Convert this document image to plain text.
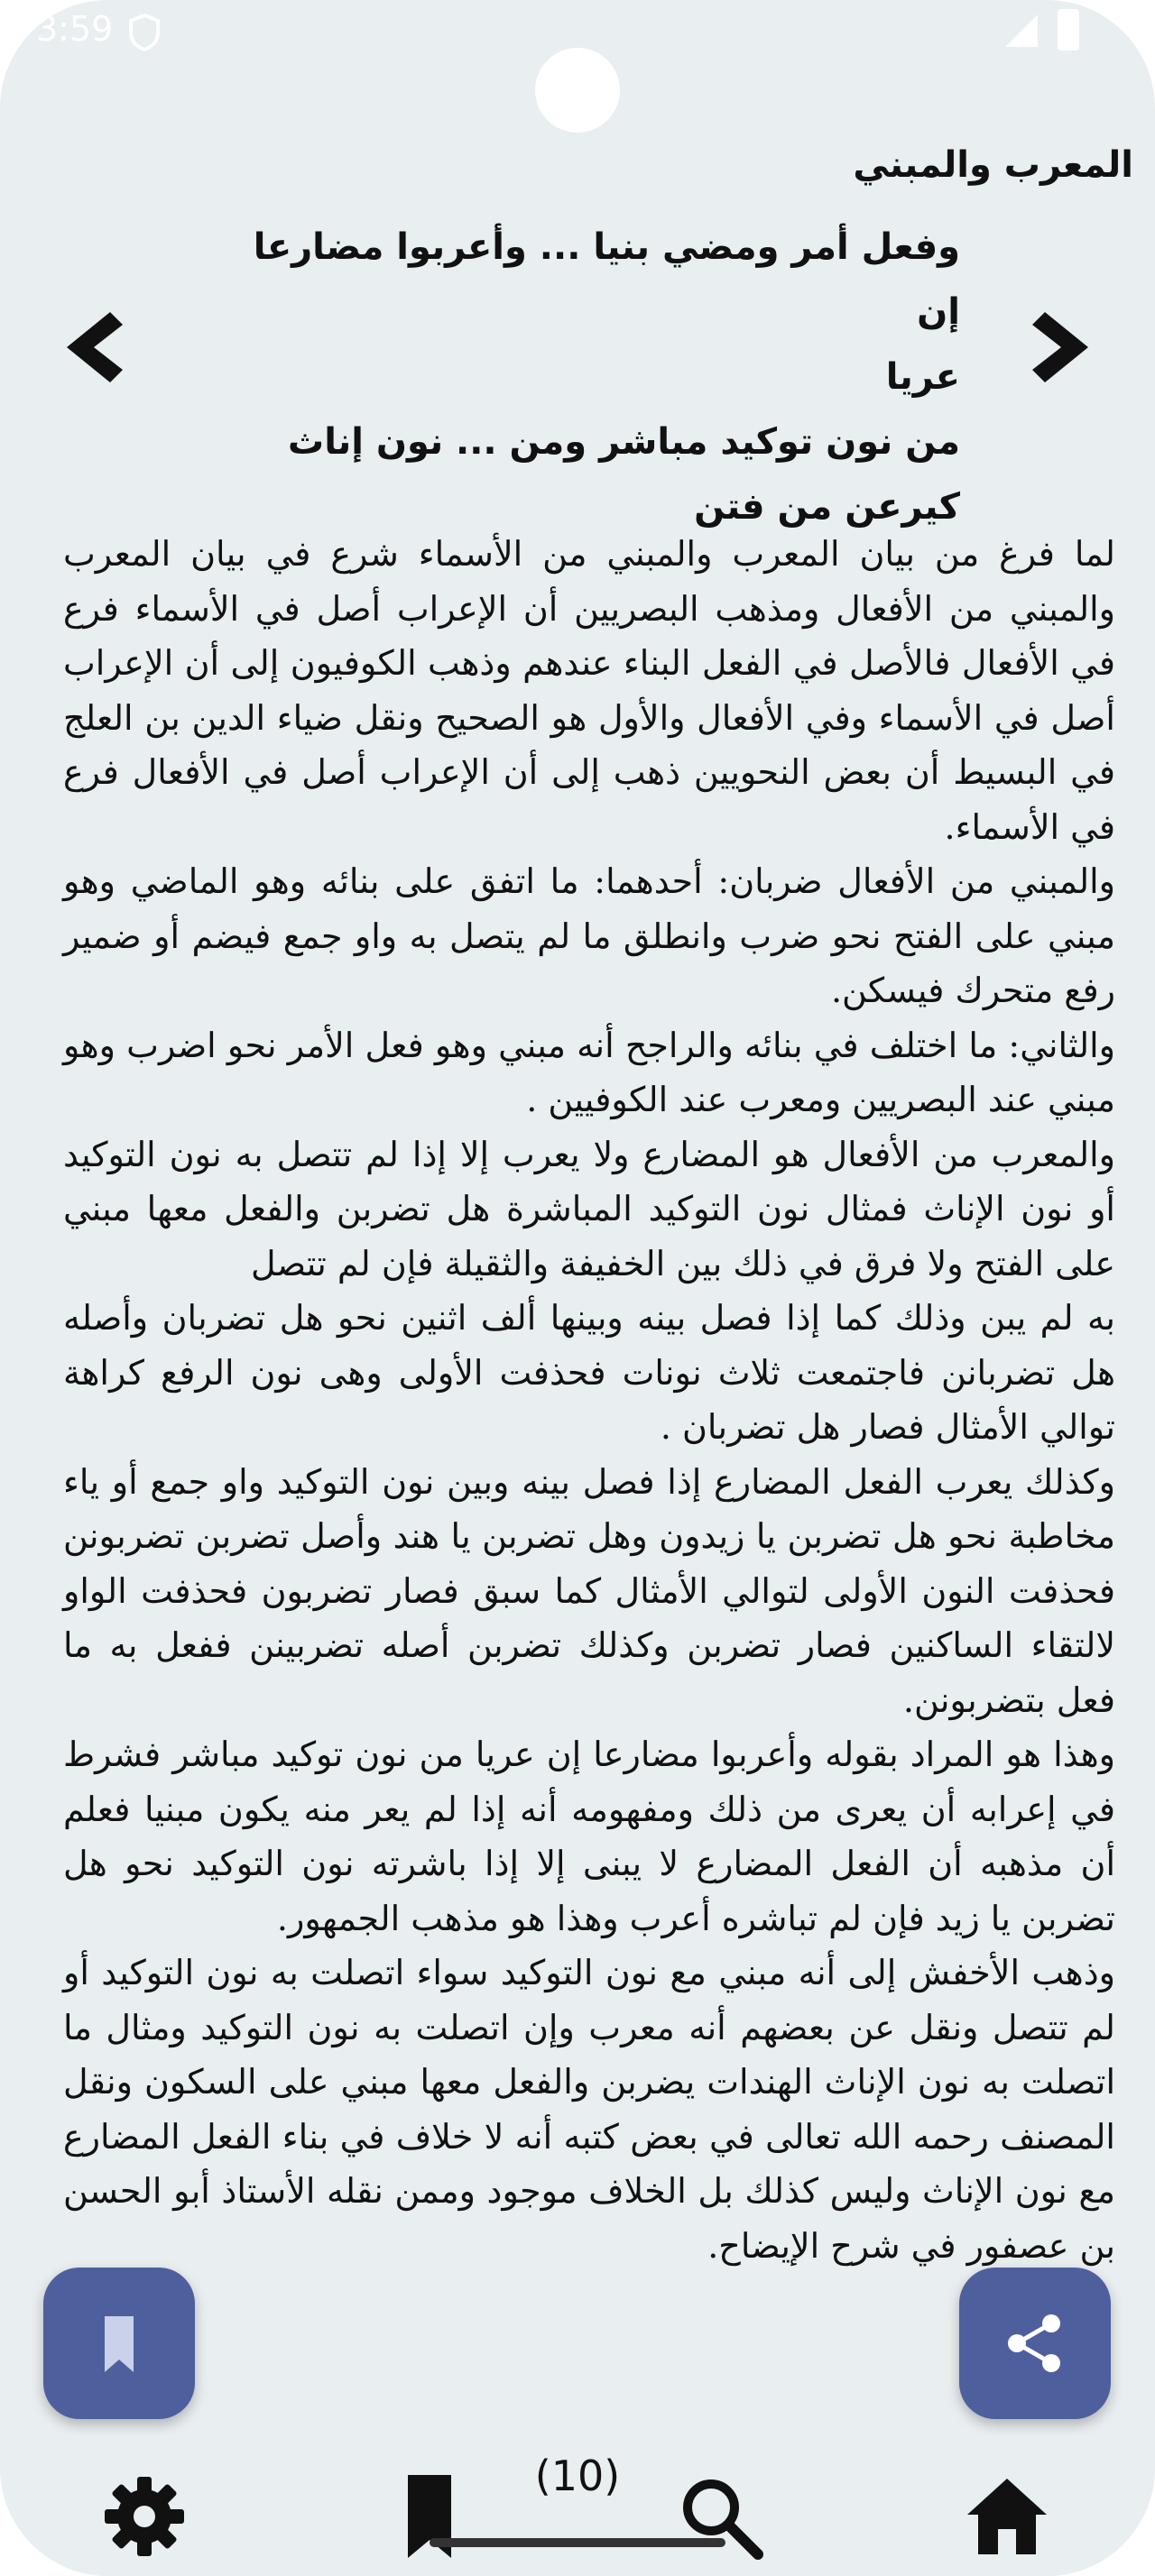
3:59
المعرب والمبني
وفعل أمر ومضي بنيا ... وأعربوا مضارعا إن
عريا
من نون توكيد مباشر ومن ... نون إناث
كيرعن من فتن

لما فرغ من بيان المعرب والمبني من الأسماء شرع في بيان المعرب والمبني من الأفعال ومذهب البصريين أن الإعراب أصل في الأسماء فرع في الأفعال فالأصل في الفعل البناء عندهم وذهب الكوفيون إلى أن الإعراب أصل في الأسماء وفي الأفعال والأول هو الصحيح ونقل ضياء الدين بن العلج في البسيط أن بعض النحويين ذهب إلى أن الإعراب أصل في الأفعال فرع في الأسماء.

والمبني من الأفعال ضربان: أحدهما: ما اتفق على بنائه وهو الماضي وهو مبني على الفتح نحو ضرب وانطلق ما لم يتصل به واو جمع فيضم أو ضمير رفع متحرك فيسكن.

والثاني: ما اختلف في بنائه والراجح أنه مبني وهو فعل الأمر نحو اضرب وهو مبني عند البصريين ومعرب عند الكوفيين .

والمعرب من الأفعال هو المضارع ولا يعرب إلا إذا لم تتصل به نون التوكيد أو نون الإناث فمثال نون التوكيد المباشرة هل تضربن والفعل معها مبني على الفتح ولا فرق في ذلك بين الخفيفة والثقيلة فإن لم تتصل

به لم يبن وذلك كما إذا فصل بينه وبينها ألف اثنين نحو هل تضربان وأصله هل تضربانن فاجتمعت ثلاث نونات فحذفت الأولى وهى نون الرفع كراهة توالي الأمثال فصار هل تضربان .

وكذلك يعرب الفعل المضارع إذا فصل بينه وبين نون التوكيد واو جمع أو ياء مخاطبة نحو هل تضربن يا زيدون وهل تضربن يا هند وأصل تضربن تضربونن فحذفت النون الأولى لتوالي الأمثال كما سبق فصار تضربون فحذفت الواو لالتقاء الساكنين فصار تضربن وكذلك تضربن أصله تضربينن ففعل به ما فعل بتضربونن.

وهذا هو المراد بقوله وأعربوا مضارعا إن عريا من نون توكيد مباشر فشرط في إعرابه أن يعرى من ذلك ومفهومه أنه إذا لم يعر منه يكون مبنيا فعلم أن مذهبه أن الفعل المضارع لا يبنى إلا إذا باشرته نون التوكيد نحو هل تضربن يا زيد فإن لم تباشره أعرب وهذا هو مذهب الجمهور.

وذهب الأخفش إلى أنه مبني مع نون التوكيد سواء اتصلت به نون التوكيد أو لم تتصل ونقل عن بعضهم أنه معرب وإن اتصلت به نون التوكيد ومثال ما اتصلت به نون الإناث الهندات يضربن والفعل معها مبني على السكون ونقل المصنف رحمه الله تعالى في بعض كتبه أنه لا خلاف في بناء الفعل المضارع مع نون الإناث وليس كذلك بل الخلاف موجود وممن نقله الأستاذ أبو الحسن بن عصفور في شرح الإيضاح.

(10)
